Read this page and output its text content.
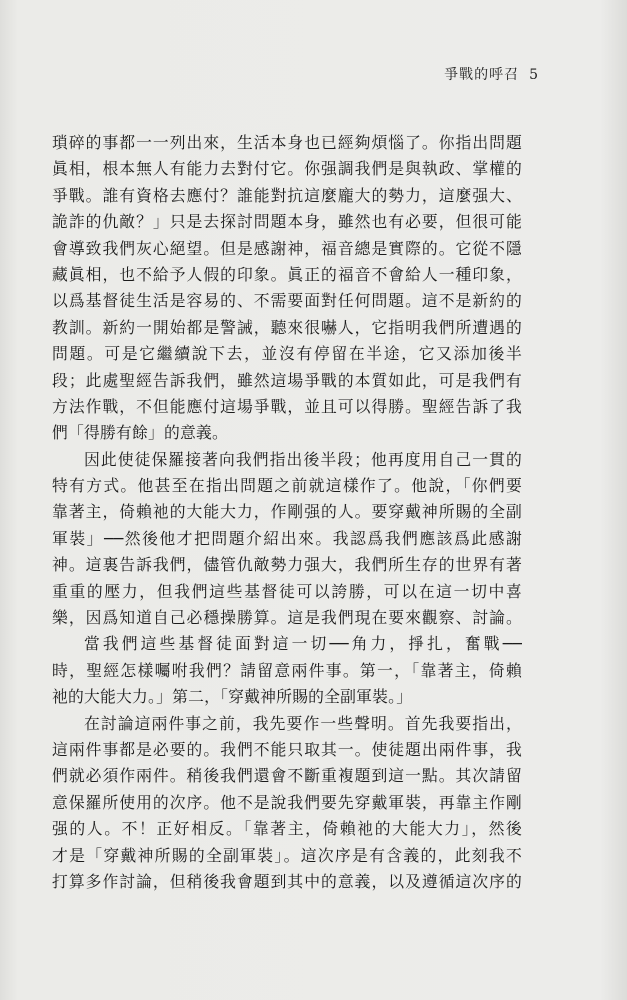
爭戰的呼召 5
瑣碎的事都一一列出來，生活本身也已經夠煩惱了。你指出問題
眞相，根本無人有能力去對付它。你强調我們是與執政、掌權的
爭戰。誰有資格去應付？誰能對抗這麼龐大的勢力，這麼强大、
詭詐的仇敵？」只是去探討問題本身，雖然也有必要，但很可能
會導致我們灰心絕望。但是感謝神，福音總是實際的。它從不隱
藏眞相，也不給予人假的印象。眞正的福音不會給人一種印象，
以爲基督徒生活是容易的、不需要面對任何問題。這不是新約的
教訓。新約一開始都是警誡，聽來很嚇人，它指明我們所遭遇的
問題。可是它繼續說下去，並沒有停留在半途，它又添加後半
段；此處聖經告訴我們，雖然這場爭戰的本質如此，可是我們有
方法作戰，不但能應付這場爭戰，並且可以得勝。聖經告訴了我
們「得勝有餘」的意義。
因此使徒保羅接著向我們指出後半段；他再度用自己一貫的
特有方式。他甚至在指出問題之前就這樣作了。他說，「你們要
靠著主，倚賴祂的大能大力，作剛强的人。要穿戴神所賜的全副
軍裝」──然後他才把問題介紹出來。我認爲我們應該爲此感謝
神。這裏告訴我們，儘管仇敵勢力强大，我們所生存的世界有著
重重的壓力，但我們這些基督徒可以誇勝，可以在這一切中喜
樂，因爲知道自己必穩操勝算。這是我們現在要來觀察、討論。
當我們這些基督徒面對這一切──角力，掙扎，奮戰──
時，聖經怎樣囑咐我們？請留意兩件事。第一，「靠著主，倚賴
祂的大能大力。」第二，「穿戴神所賜的全副軍裝。」
在討論這兩件事之前，我先要作一些聲明。首先我要指出，
這兩件事都是必要的。我們不能只取其一。使徒題出兩件事，我
們就必須作兩件。稍後我們還會不斷重複題到這一點。其次請留
意保羅所使用的次序。他不是說我們要先穿戴軍裝，再靠主作剛
强的人。不！正好相反。「靠著主，倚賴祂的大能大力」，然後
才是「穿戴神所賜的全副軍裝」。這次序是有含義的，此刻我不
打算多作討論，但稍後我會題到其中的意義，以及遵循這次序的
